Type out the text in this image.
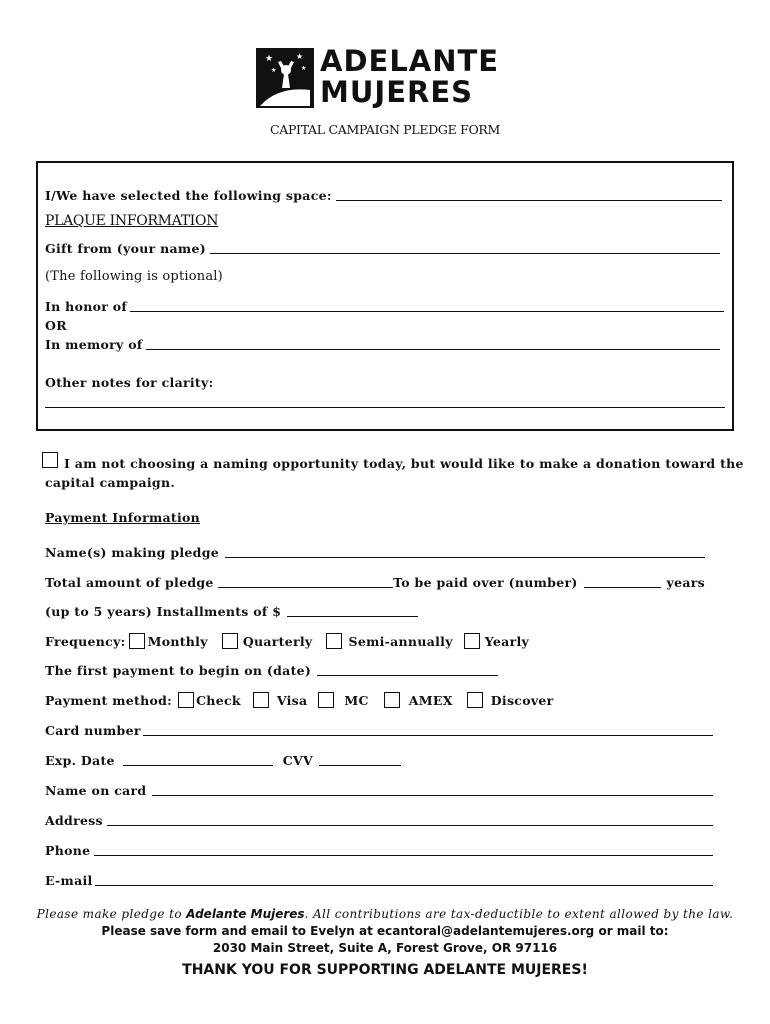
★	★
★	★ ADELANTE
MUJERES
CAPITAL CAMPAIGN PLEDGE FORM
I/We have selected the following space:
PLAQUE INFORMATION
Gift from (your name)
(The following is optional)
In honor of
OR
In memory of
Other notes for clarity:
I am not choosing a naming opportunity today, but would like to make a donation toward the
capital campaign.
Payment Information
Name(s) making pledge
Total amount of pledge	To be paid over (number)	years
(up to 5 years) Installments of $
Frequency: Monthly	Quarterly	Semi-annually	Yearly
The first payment to begin on (date)
Payment method: Check	Visa	MC	AMEX	Discover
Card number
Exp. Date	CVV
Name on card
Address
Phone
E-mail
Please make pledge to Adelante Mujeres. All contributions are tax-deductible to extent allowed by the law.
Please save form and email to Evelyn at ecantoral@adelantemujeres.org or mail to:
2030 Main Street, Suite A, Forest Grove, OR 97116
THANK YOU FOR SUPPORTING ADELANTE MUJERES!
